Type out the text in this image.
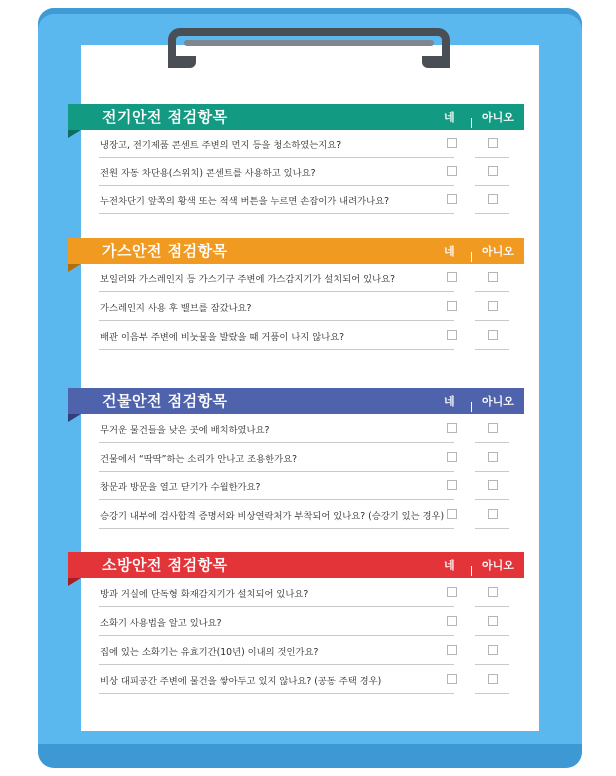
전기안전 점검항목	네 아니오
냉장고, 전기제품 콘센트 주변의 먼지 등을 청소하였는지요?
전원 자동 차단용(스위치) 콘센트를 사용하고 있나요?
누전차단기 앞쪽의 황색 또는 적색 버튼을 누르면 손잡이가 내려가나요?
가스안전 점검항목	네 아니오
보일러와 가스레인지 등 가스기구 주변에 가스감지기가 설치되어 있나요?
가스레인지 사용 후 밸브를 잠갔나요?
배관 이음부 주변에 비눗물을 발랐을 때 거품이 나지 않나요?
건물안전 점검항목	네 아니오
무거운 물건들을 낮은 곳에 배치하였나요?
건물에서 “딱딱”하는 소리가 안나고 조용한가요?
창문과 방문을 열고 닫기가 수월한가요?
승강기 내부에 검사합격 증명서와 비상연락처가 부착되어 있나요? (승강기 있는 경우)
소방안전 점검항목	네 아니오
방과 거실에 단독형 화재감지기가 설치되어 있나요?
소화기 사용법을 알고 있나요?
집에 있는 소화기는 유효기간(10년) 이내의 것인가요?
비상 대피공간 주변에 물건을 쌓아두고 있지 않나요? (공동 주택 경우)
